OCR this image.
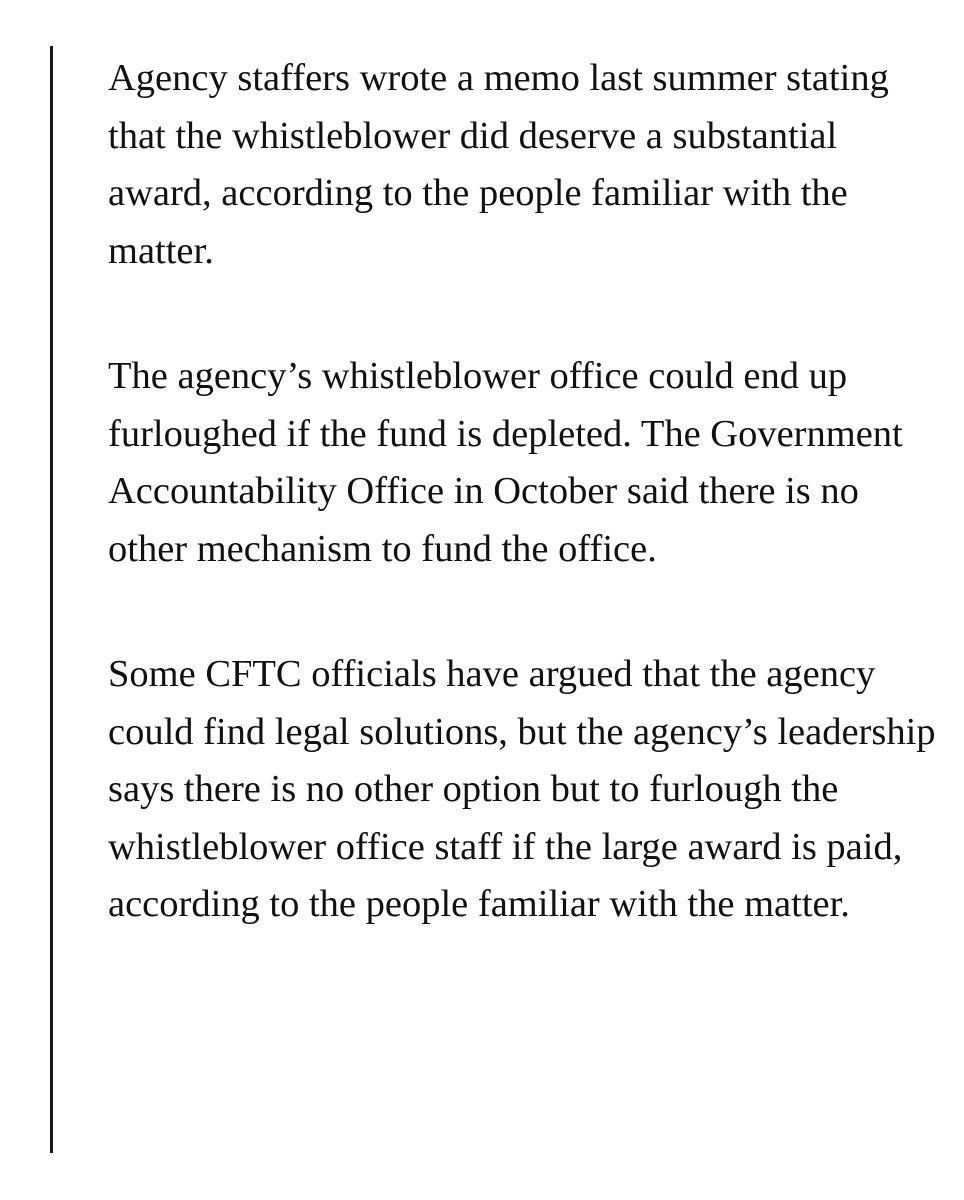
Agency staffers wrote a memo last summer stating that the whistleblower did deserve a substantial award, according to the people familiar with the matter.

The agency’s whistleblower office could end up furloughed if the fund is depleted. The Government Accountability Office in October said there is no other mechanism to fund the office.

Some CFTC officials have argued that the agency could find legal solutions, but the agency’s leadership says there is no other option but to furlough the whistleblower office staff if the large award is paid, according to the people familiar with the matter.
